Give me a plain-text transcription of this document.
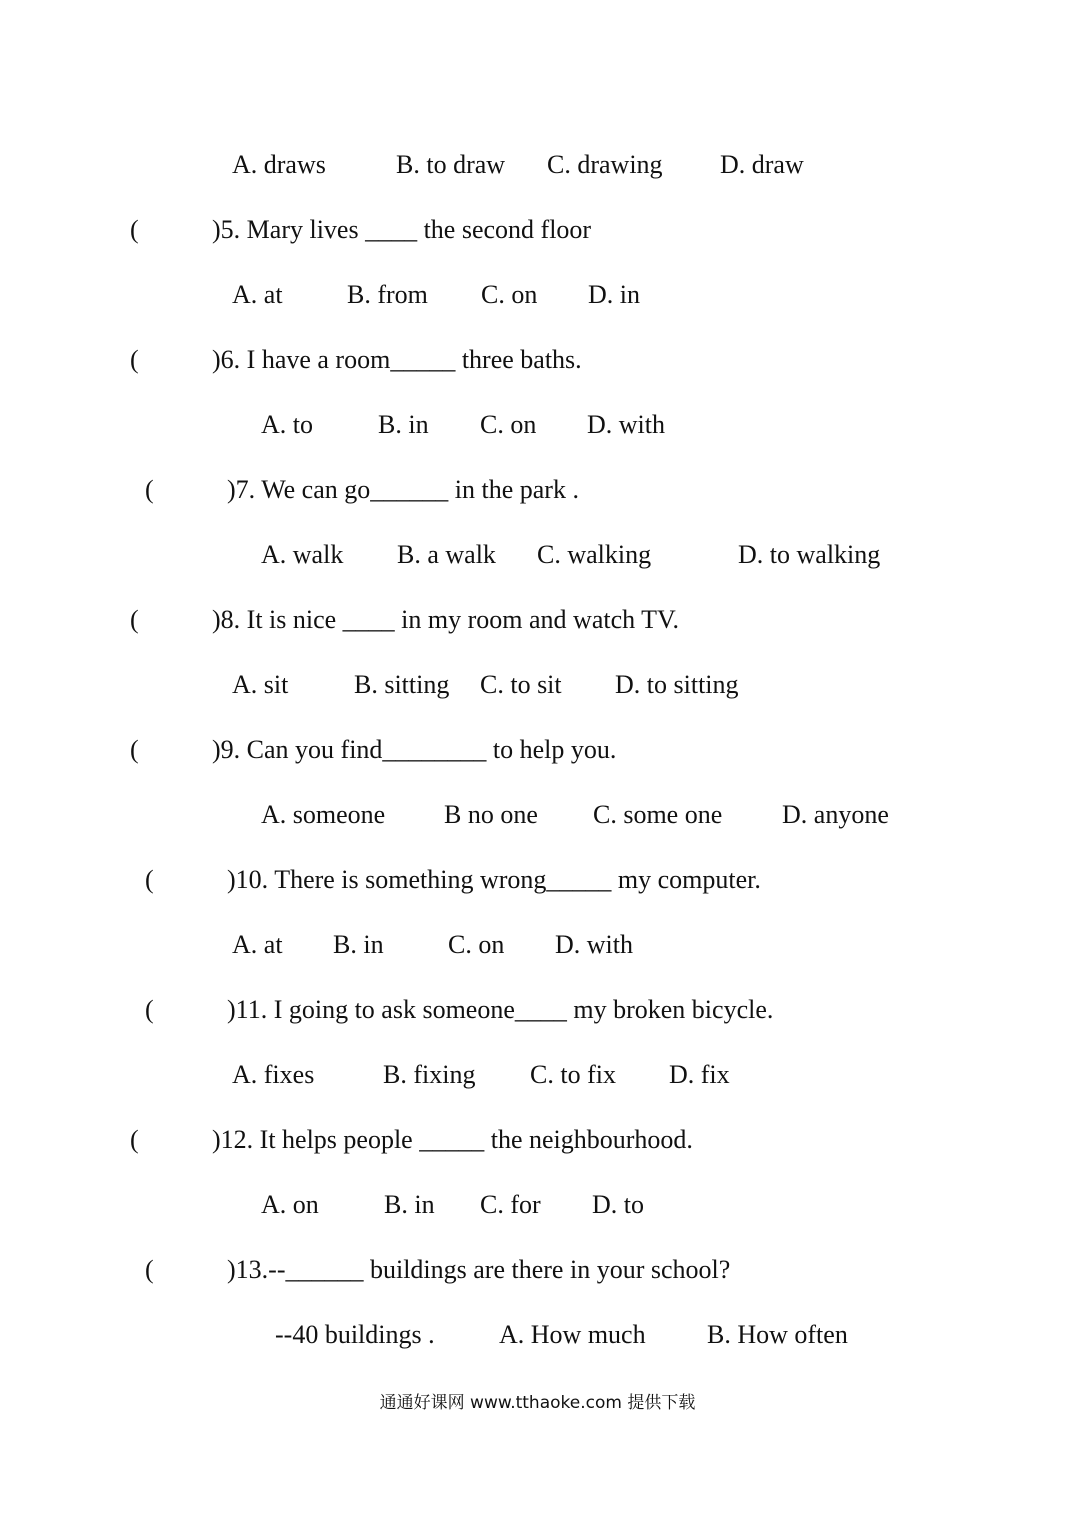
A. draws	B. to draw C. drawing D. draw
(	)5. Mary lives ____ the second floor
A. at B. from C. on D. in
(	)6. I have a room_____ three baths.
A. to	B. in C. on D. with
(	)7. We can go______ in the park .
A. walk B. a walk C. walking	D. to walking
(	)8. It is nice ____ in my room and watch TV.
A. sit	B. sitting C. to sit D. to sitting
(	)9. Can you find________ to help you.
A. someone B no one C. some one D. anyone
(	)10. There is something wrong_____ my computer.
A. at B. in C. on D. with
(	)11. I going to ask someone____ my broken bicycle.
A. fixes	B. fixing C. to fix D. fix
(	)12. It helps people _____ the neighbourhood.
A. on	B. in C. for D. to
(	)13.--______ buildings are there in your school?
--40 buildings . A. How much B. How often
通通好课网 www.tthaoke.com 提供下载
